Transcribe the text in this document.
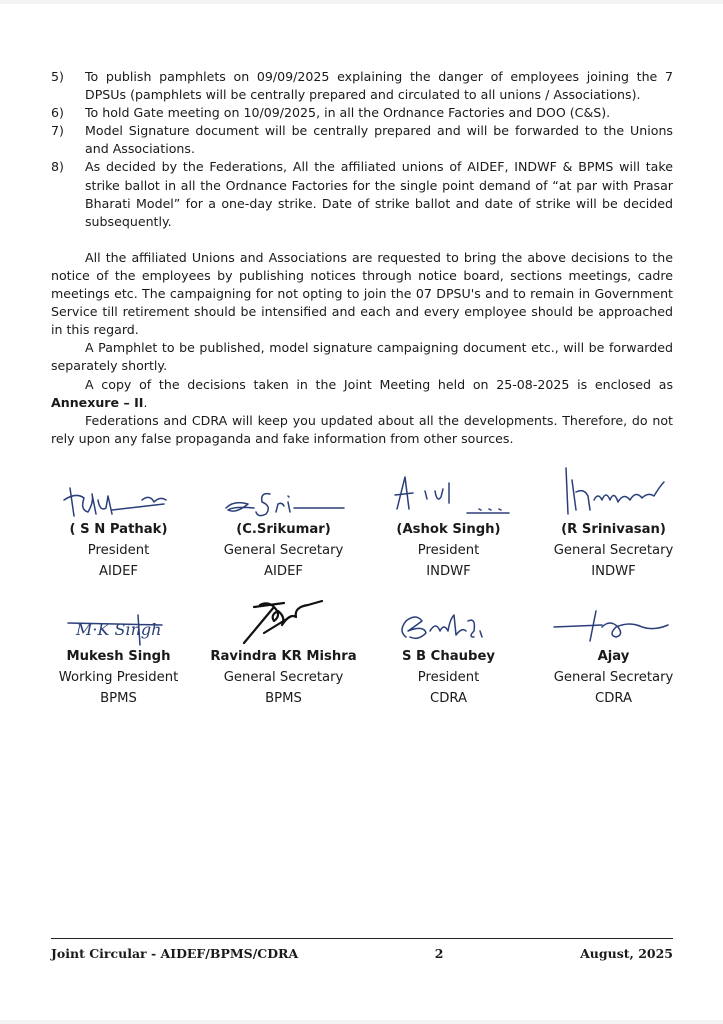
5)	To publish pamphlets on 09/09/2025 explaining the danger of employees joining the 7 DPSUs (pamphlets will be centrally prepared and circulated to all unions / Associations).
6)	To hold Gate meeting on 10/09/2025, in all the Ordnance Factories and DOO (C&S).
7)	Model Signature document will be centrally prepared and will be forwarded to the Unions and Associations.
8)	As decided by the Federations, All the affiliated unions of AIDEF, INDWF & BPMS will take strike ballot in all the Ordnance Factories for the single point demand of “at par with Prasar Bharati Model” for a one-day strike. Date of strike ballot and date of strike will be decided subsequently.
All the affiliated Unions and Associations are requested to bring the above decisions to the notice of the employees by publishing notices through notice board, sections meetings, cadre meetings etc. The campaigning for not opting to join the 07 DPSU's and to remain in Government Service till retirement should be intensified and each and every employee should be approached in this regard.
A Pamphlet to be published, model signature campaigning document etc., will be forwarded separately shortly.
A copy of the decisions taken in the Joint Meeting held on 25-08-2025 is enclosed as Annexure – II.
Federations and CDRA will keep you updated about all the developments. Therefore, do not rely upon any false propaganda and fake information from other sources.
( S N Pathak)
President
AIDEF
(C.Srikumar)
General Secretary
AIDEF
(Ashok Singh)
President
INDWF
(R Srinivasan)
General Secretary
INDWF
M·K Singh
Mukesh Singh
Working President
BPMS
Ravindra KR Mishra
General Secretary
BPMS
S B Chaubey
President
CDRA
Ajay
General Secretary
CDRA
Joint Circular - AIDEF/BPMS/CDRA	2	August, 2025
